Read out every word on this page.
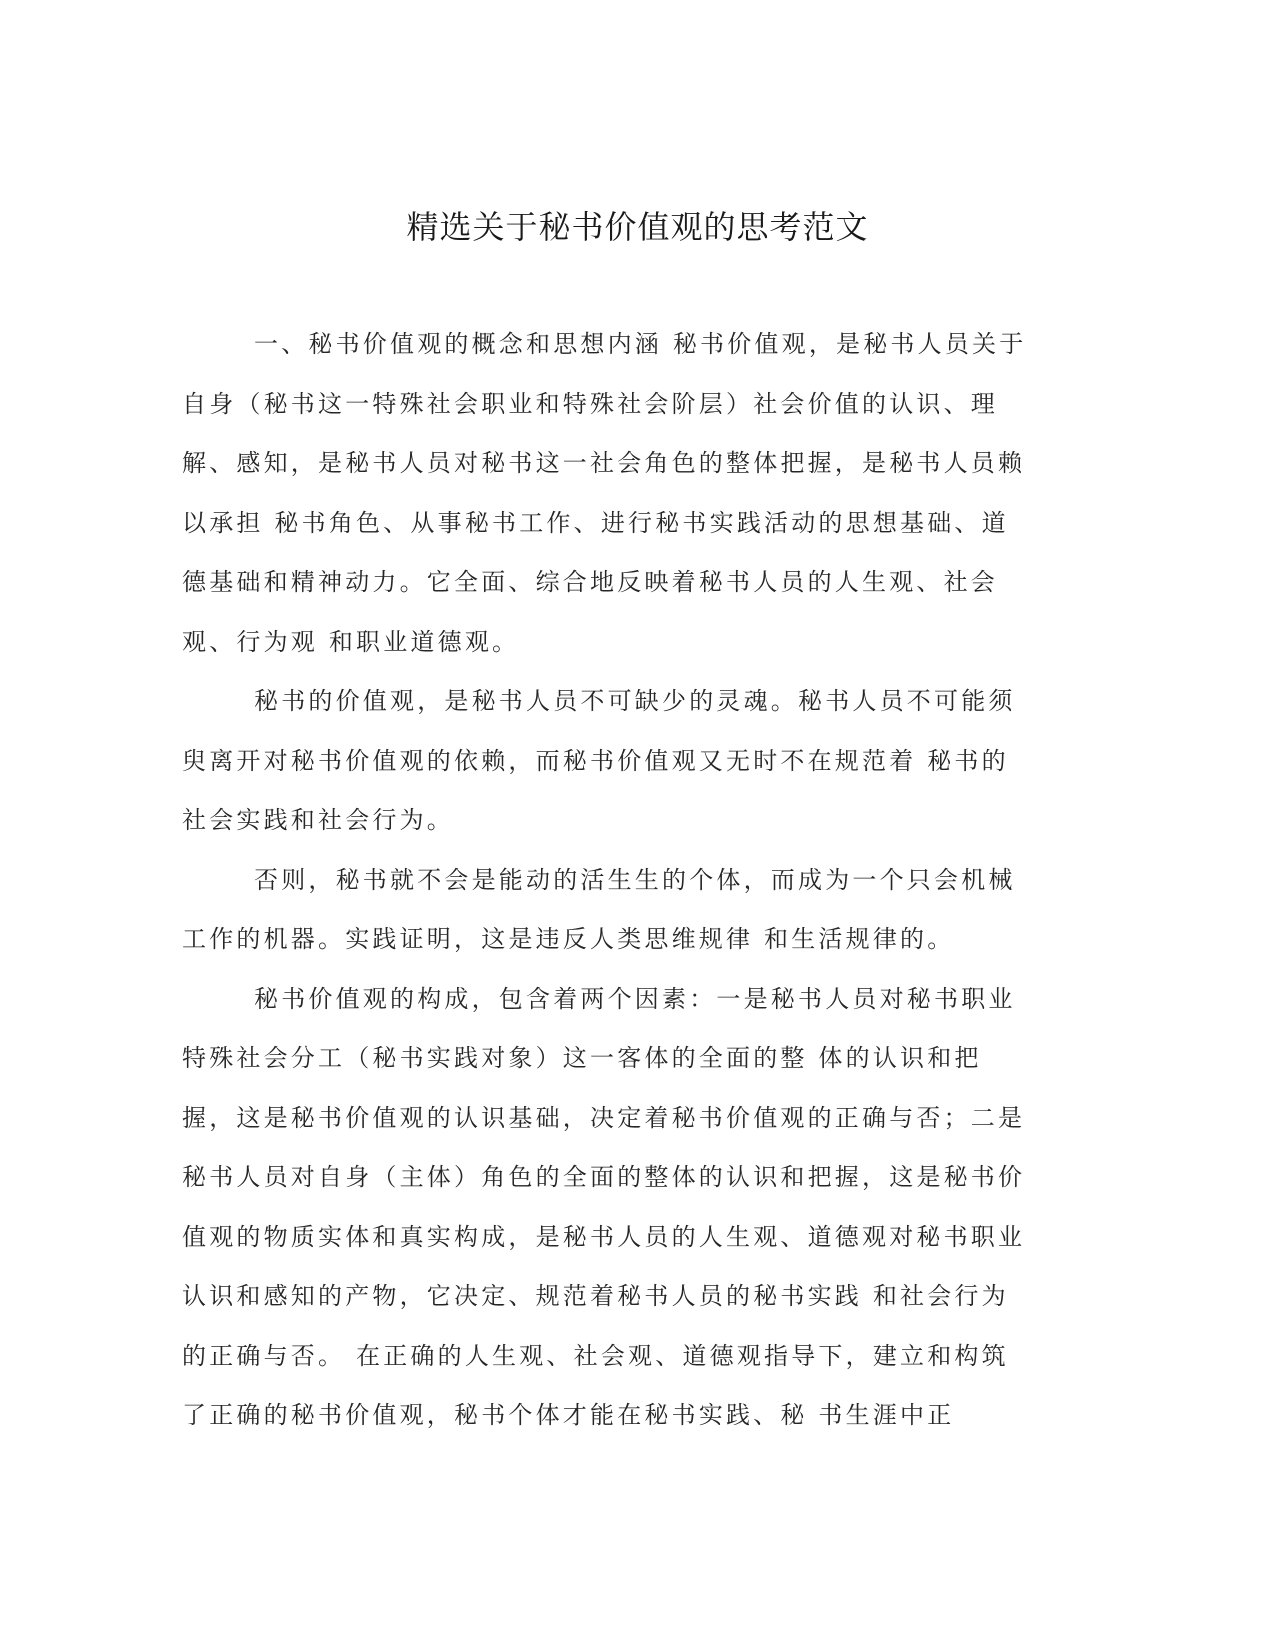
精选关于秘书价值观的思考范文

一、秘书价值观的概念和思想内涵 秘书价值观，是秘书人员关于自身（秘书这一特殊社会职业和特殊社会阶层）社会价值的认识、理解、感知，是秘书人员对秘书这一社会角色的整体把握，是秘书人员赖以承担 秘书角色、从事秘书工作、进行秘书实践活动的思想基础、道德基础和精神动力。它全面、综合地反映着秘书人员的人生观、社会观、行为观 和职业道德观。

秘书的价值观，是秘书人员不可缺少的灵魂。秘书人员不可能须臾离开对秘书价值观的依赖，而秘书价值观又无时不在规范着 秘书的社会实践和社会行为。

否则，秘书就不会是能动的活生生的个体，而成为一个只会机械工作的机器。实践证明，这是违反人类思维规律 和生活规律的。

秘书价值观的构成，包含着两个因素：一是秘书人员对秘书职业特殊社会分工（秘书实践对象）这一客体的全面的整 体的认识和把握，这是秘书价值观的认识基础，决定着秘书价值观的正确与否；二是秘书人员对自身（主体）角色的全面的整体的认识和把握，这是秘书价值观的物质实体和真实构成，是秘书人员的人生观、道德观对秘书职业认识和感知的产物，它决定、规范着秘书人员的秘书实践 和社会行为的正确与否。 在正确的人生观、社会观、道德观指导下，建立和构筑了正确的秘书价值观，秘书个体才能在秘书实践、秘 书生涯中正
